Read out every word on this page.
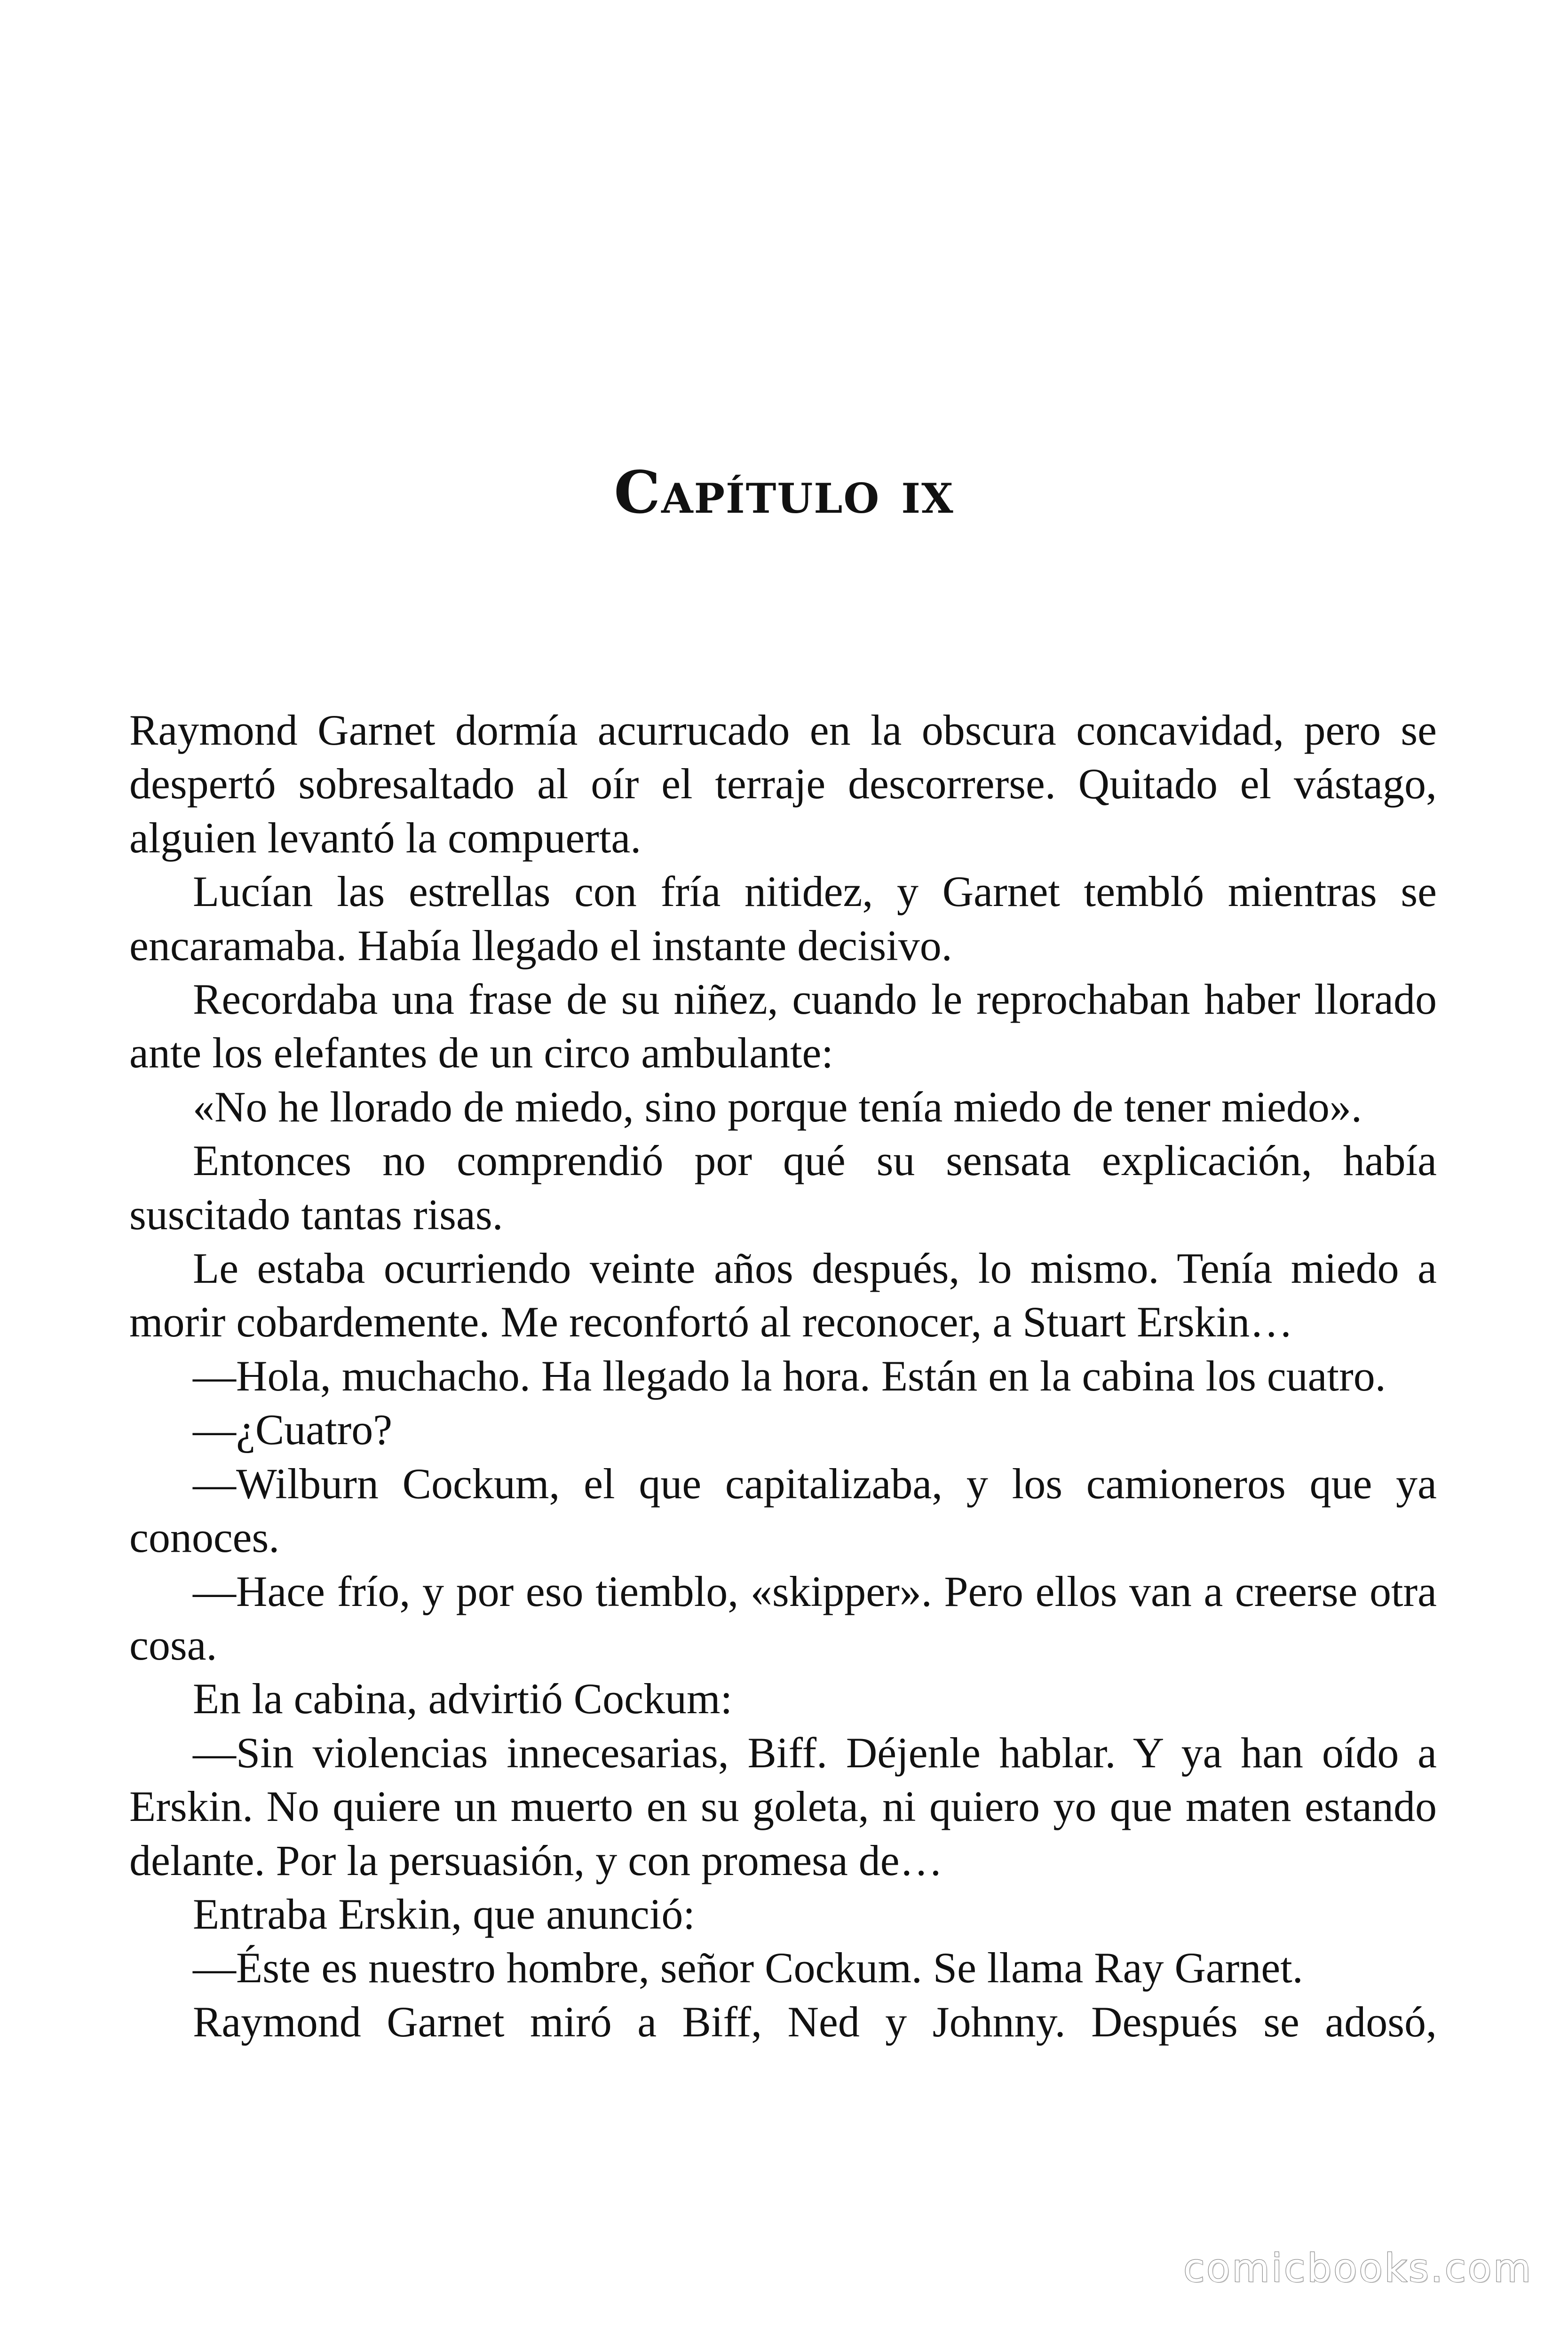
Capítulo ix

Raymond Garnet dormía acurrucado en la obscura concavidad, pero se despertó sobresaltado al oír el terraje descorrerse. Quitado el vástago, alguien levantó la compuerta.

Lucían las estrellas con fría nitidez, y Garnet tembló mientras se encaramaba. Había llegado el instante decisivo.

Recordaba una frase de su niñez, cuando le reprochaban haber llorado ante los elefantes de un circo ambulante:

«No he llorado de miedo, sino porque tenía miedo de tener miedo».

Entonces no comprendió por qué su sensata explicación, había suscitado tantas risas.

Le estaba ocurriendo veinte años después, lo mismo. Tenía miedo a morir cobardemente. Me reconfortó al reconocer, a Stuart Erskin…

—Hola, muchacho. Ha llegado la hora. Están en la cabina los cuatro.

—¿Cuatro?

—Wilburn Cockum, el que capitalizaba, y los camioneros que ya conoces.

—Hace frío, y por eso tiemblo, «skipper». Pero ellos van a creerse otra cosa.

En la cabina, advirtió Cockum:

—Sin violencias innecesarias, Biff. Déjenle hablar. Y ya han oído a Erskin. No quiere un muerto en su goleta, ni quiero yo que maten estando delante. Por la persuasión, y con promesa de…

Entraba Erskin, que anunció:

—Éste es nuestro hombre, señor Cockum. Se llama Ray Garnet.

Raymond Garnet miró a Biff, Ned y Johnny. Después se adosó,

comicbooks.com
